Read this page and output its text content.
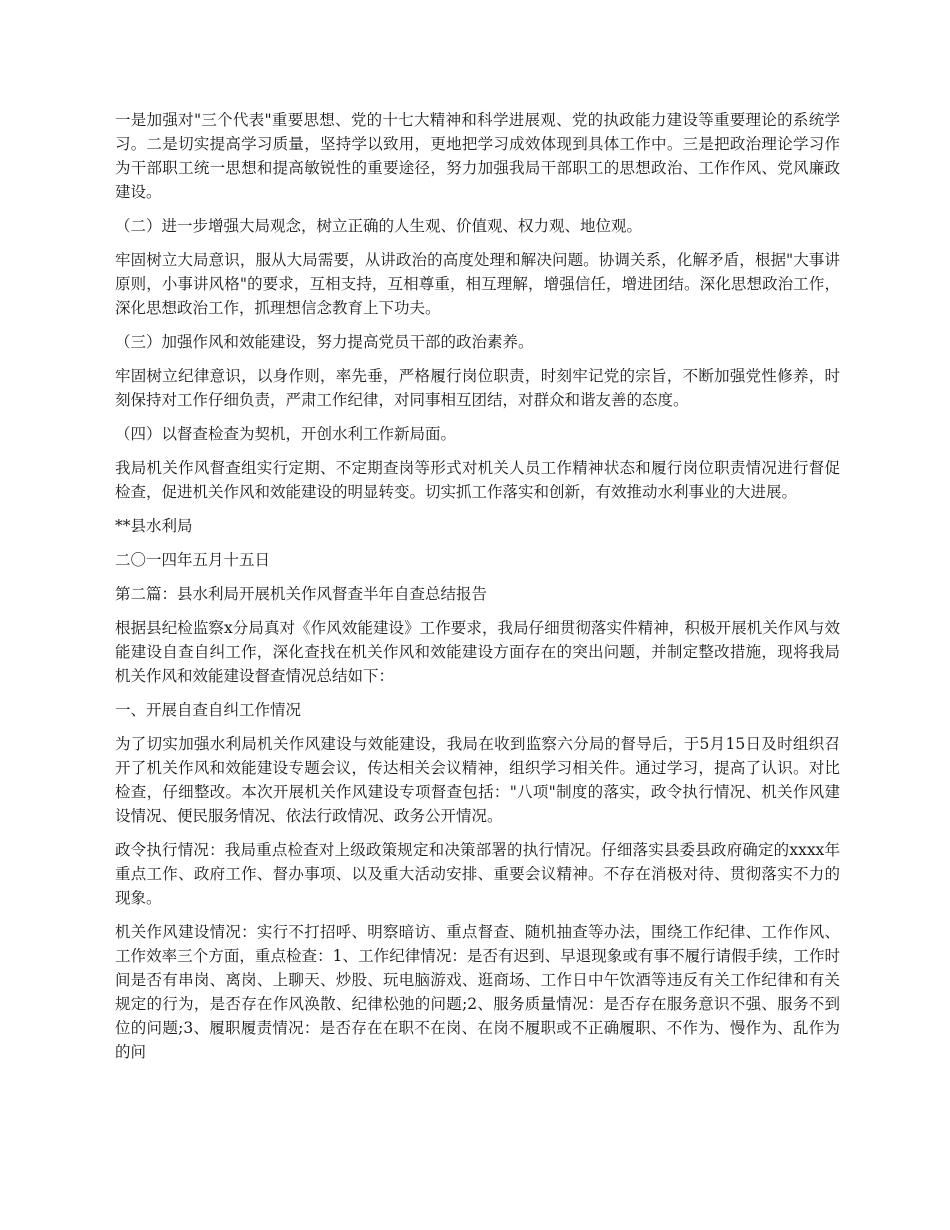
一是加强对"三个代表"重要思想、党的十七大精神和科学进展观、党的执政能力建设等重要理论的系统学习。二是切实提高学习质量，坚持学以致用，更地把学习成效体现到具体工作中。三是把政治理论学习作为干部职工统一思想和提高敏锐性的重要途径，努力加强我局干部职工的思想政治、工作作风、党风廉政建设。

（二）进一步增强大局观念，树立正确的人生观、价值观、权力观、地位观。

牢固树立大局意识，服从大局需要，从讲政治的高度处理和解决问题。协调关系，化解矛盾，根据"大事讲原则，小事讲风格"的要求，互相支持，互相尊重，相互理解，增强信任，增进团结。深化思想政治工作，深化思想政治工作，抓理想信念教育上下功夫。

（三）加强作风和效能建设，努力提高党员干部的政治素养。

牢固树立纪律意识，以身作则，率先垂，严格履行岗位职责，时刻牢记党的宗旨，不断加强党性修养，时刻保持对工作仔细负责，严肃工作纪律，对同事相互团结，对群众和谐友善的态度。

（四）以督查检查为契机，开创水利工作新局面。

我局机关作风督查组实行定期、不定期查岗等形式对机关人员工作精神状态和履行岗位职责情况进行督促检查，促进机关作风和效能建设的明显转变。切实抓工作落实和创新，有效推动水利事业的大进展。

**县水利局

二〇一四年五月十五日

第二篇：县水利局开展机关作风督查半年自查总结报告

根据县纪检监察x分局真对《作风效能建设》工作要求，我局仔细贯彻落实件精神，积极开展机关作风与效能建设自查自纠工作，深化查找在机关作风和效能建设方面存在的突出问题，并制定整改措施，现将我局机关作风和效能建设督查情况总结如下：

一、开展自查自纠工作情况

为了切实加强水利局机关作风建设与效能建设，我局在收到监察六分局的督导后，于5月15日及时组织召开了机关作风和效能建设专题会议，传达相关会议精神，组织学习相关件。通过学习，提高了认识。对比检查，仔细整改。本次开展机关作风建设专项督查包括："八项"制度的落实，政令执行情况、机关作风建设情况、便民服务情况、依法行政情况、政务公开情况。

政令执行情况：我局重点检查对上级政策规定和决策部署的执行情况。仔细落实县委县政府确定的xxxx年重点工作、政府工作、督办事项、以及重大活动安排、重要会议精神。不存在消极对待、贯彻落实不力的现象。

机关作风建设情况：实行不打招呼、明察暗访、重点督查、随机抽查等办法，围绕工作纪律、工作作风、工作效率三个方面，重点检查：1、工作纪律情况：是否有迟到、早退现象或有事不履行请假手续，工作时间是否有串岗、离岗、上聊天、炒股、玩电脑游戏、逛商场、工作日中午饮酒等违反有关工作纪律和有关规定的行为，是否存在作风涣散、纪律松弛的问题;2、服务质量情况：是否存在服务意识不强、服务不到位的问题;3、履职履责情况：是否存在在职不在岗、在岗不履职或不正确履职、不作为、慢作为、乱作为的问
